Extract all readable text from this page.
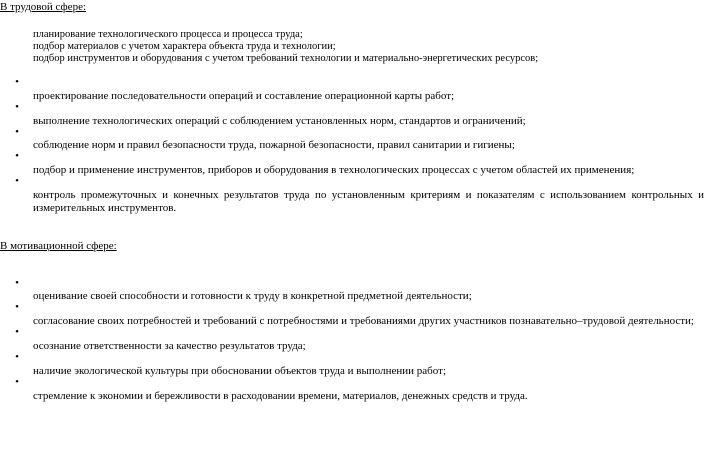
В трудовой сфере:
планирование технологического процесса и процесса труда;
подбор материалов с учетом характера объекта труда и технологии;
подбор инструментов и оборудования с учетом требований технологии и материально-энергетических ресурсов;
•
проектирование последовательности операций и составление операционной карты работ;
•
выполнение технологических операций с соблюдением установленных норм, стандартов и ограничений;
•
соблюдение норм и правил безопасности труда, пожарной безопасности, правил санитарии и гигиены;
•
подбор и применение инструментов, приборов и оборудования в технологических процессах с учетом областей их применения;
•
контроль промежуточных и конечных результатов труда по установленным критериям и показателям с использованием контрольных и измерительных инструментов.
В мотивационной сфере:
•
оценивание своей способности и готовности к труду в конкретной предметной деятельности;
•
согласование своих потребностей и требований с потребностями и требованиями других участников познавательно–трудовой деятельности;
•
осознание ответственности за качество результатов труда;
•
наличие экологической культуры при обосновании объектов труда и выполнении работ;
•
стремление к экономии и бережливости в расходовании времени, материалов, денежных средств и труда.
